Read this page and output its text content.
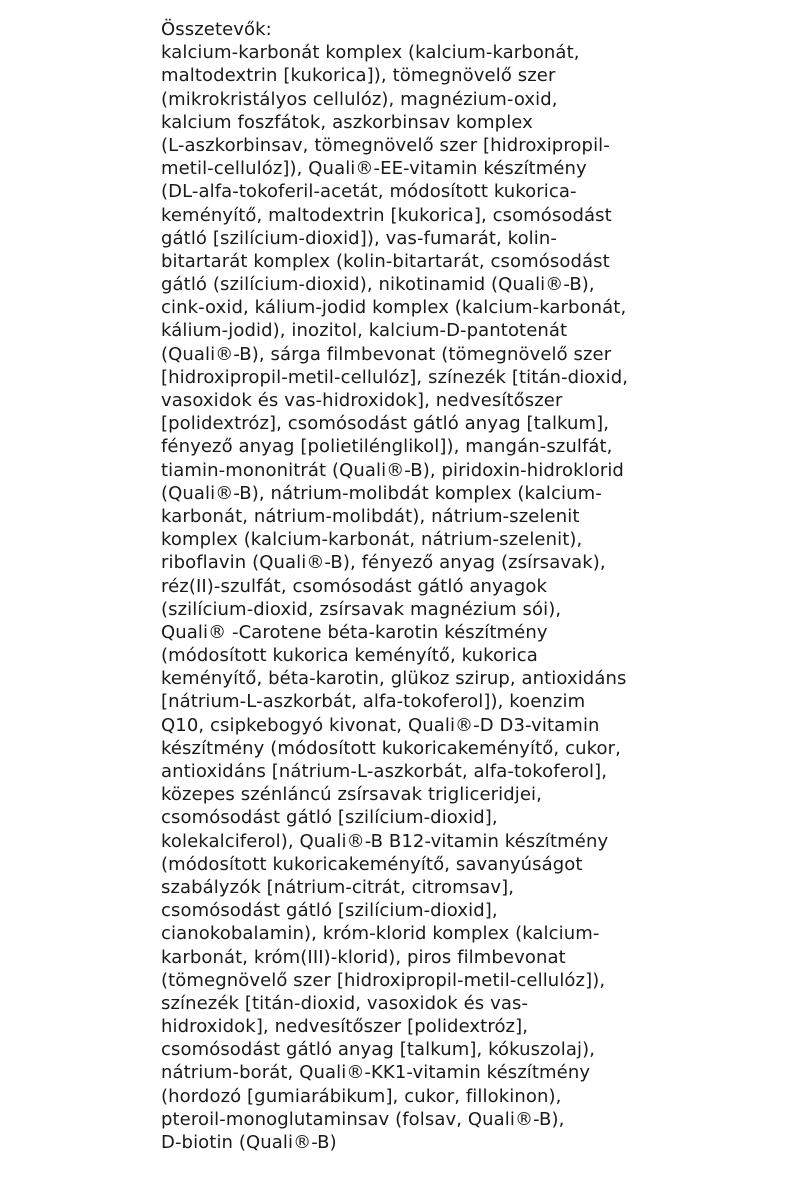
Összetevők:
kalcium-karbonát komplex (kalcium-karbonát,
maltodextrin [kukorica]), tömegnövelő szer
(mikrokristályos cellulóz), magnézium-oxid,
kalcium foszfátok, aszkorbinsav komplex
(L-aszkorbinsav, tömegnövelő szer [hidroxipropil-
metil-cellulóz]), Quali®-EE-vitamin készítmény
(DL-alfa-tokoferil-acetát, módosított kukorica-
keményítő, maltodextrin [kukorica], csomósodást
gátló [szilícium-dioxid]), vas-fumarát, kolin-
bitartarát komplex (kolin-bitartarát, csomósodást
gátló (szilícium-dioxid), nikotinamid (Quali®-B),
cink-oxid, kálium-jodid komplex (kalcium-karbonát,
kálium-jodid), inozitol, kalcium-D-pantotenát
(Quali®-B), sárga filmbevonat (tömegnövelő szer
[hidroxipropil-metil-cellulóz], színezék [titán-dioxid,
vasoxidok és vas-hidroxidok], nedvesítőszer
[polidextróz], csomósodást gátló anyag [talkum],
fényező anyag [polietilénglikol]), mangán-szulfát,
tiamin-mononitrát (Quali®-B), piridoxin-hidroklorid
(Quali®-B), nátrium-molibdát komplex (kalcium-
karbonát, nátrium-molibdát), nátrium-szelenit
komplex (kalcium-karbonát, nátrium-szelenit),
riboflavin (Quali®-B), fényező anyag (zsírsavak),
réz(II)-szulfát, csomósodást gátló anyagok
(szilícium-dioxid, zsírsavak magnézium sói),
Quali® -Carotene béta-karotin készítmény
(módosított kukorica keményítő, kukorica
keményítő, béta-karotin, glükoz szirup, antioxidáns
[nátrium-L-aszkorbát, alfa-tokoferol]), koenzim
Q10, csipkebogyó kivonat, Quali®-D D3-vitamin
készítmény (módosított kukoricakeményítő, cukor,
antioxidáns [nátrium-L-aszkorbát, alfa-tokoferol],
közepes szénláncú zsírsavak trigliceridjei,
csomósodást gátló [szilícium-dioxid],
kolekalciferol), Quali®-B B12-vitamin készítmény
(módosított kukoricakeményítő, savanyúságot
szabályzók [nátrium-citrát, citromsav],
csomósodást gátló [szilícium-dioxid],
cianokobalamin), króm-klorid komplex (kalcium-
karbonát, króm(III)-klorid), piros filmbevonat
(tömegnövelő szer [hidroxipropil-metil-cellulóz]),
színezék [titán-dioxid, vasoxidok és vas-
hidroxidok], nedvesítőszer [polidextróz],
csomósodást gátló anyag [talkum], kókuszolaj),
nátrium-borát, Quali®-KK1-vitamin készítmény
(hordozó [gumiarábikum], cukor, fillokinon),
pteroil-monoglutaminsav (folsav, Quali®-B),
D-biotin (Quali®-B)
